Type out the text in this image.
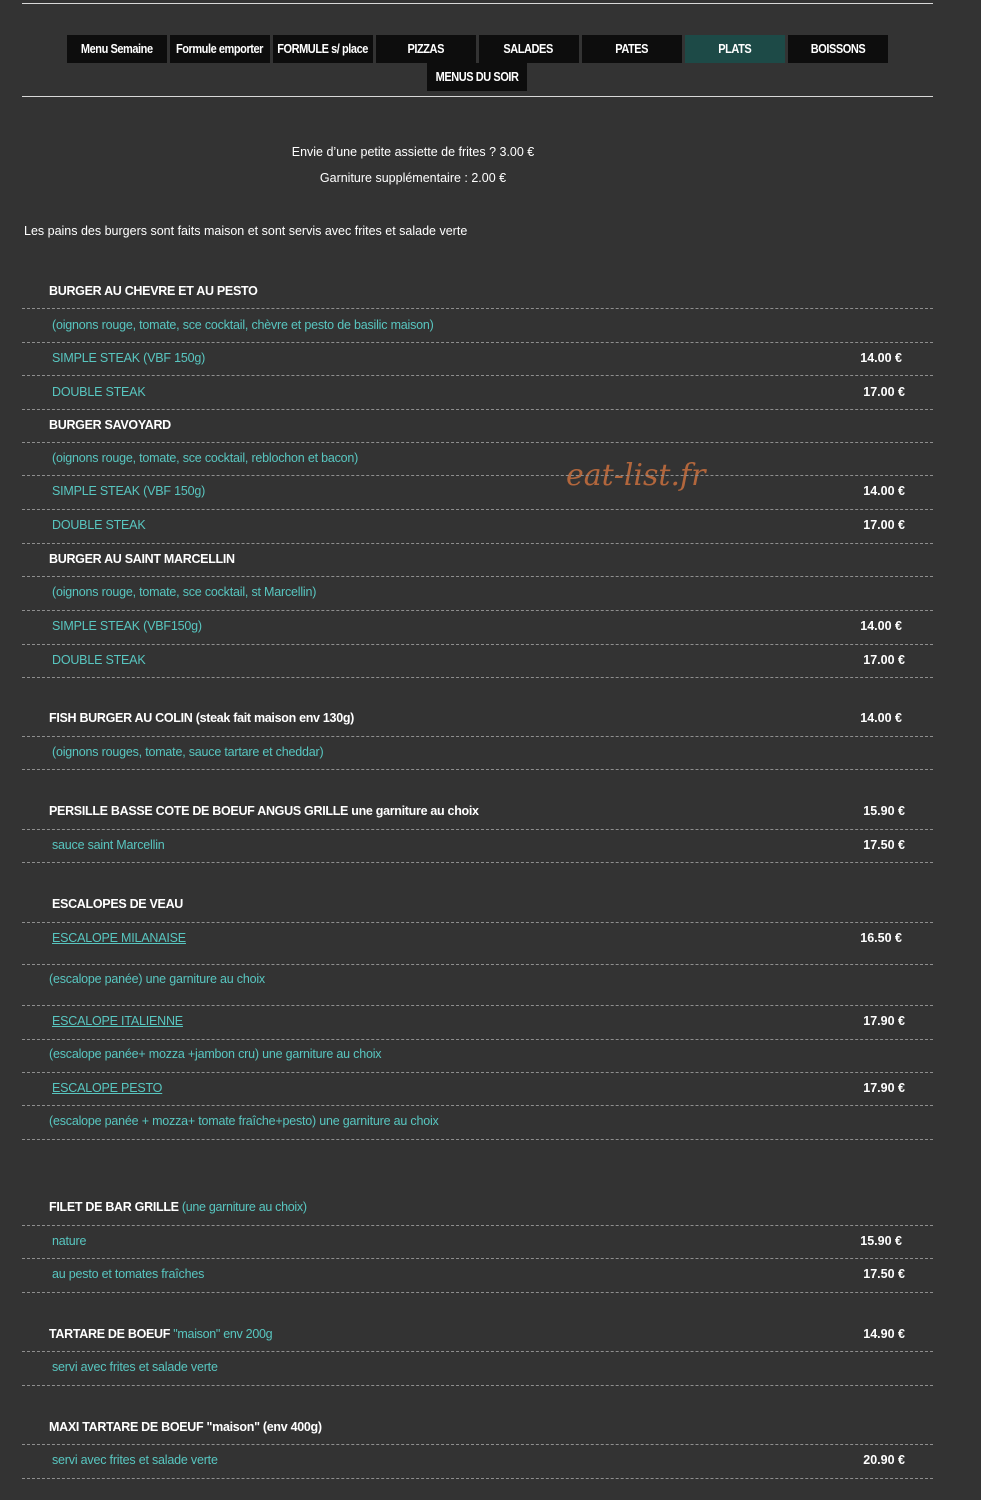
Menu Semaine Formule emporter FORMULE s/ place	PIZZAS	SALADES	PATES	PLATS	BOISSONS
MENUS DU SOIR
Envie d’une petite assiette de frites ? 3.00 €
Garniture supplémentaire : 2.00 €
Les pains des burgers sont faits maison et sont servis avec frites et salade verte
eat-list.fr
BURGER AU CHEVRE ET AU PESTO
(oignons rouge, tomate, sce cocktail, chèvre et pesto de basilic maison)
SIMPLE STEAK (VBF 150g)	14.00 €
DOUBLE STEAK	17.00 €
BURGER SAVOYARD
(oignons rouge, tomate, sce cocktail, reblochon et bacon)
SIMPLE STEAK (VBF 150g)	14.00 €
DOUBLE STEAK	17.00 €
BURGER AU SAINT MARCELLIN
(oignons rouge, tomate, sce cocktail, st Marcellin)
SIMPLE STEAK (VBF150g)	14.00 €
DOUBLE STEAK	17.00 €
FISH BURGER AU COLIN (steak fait maison env 130g)	14.00 €
(oignons rouges, tomate, sauce tartare et cheddar)
PERSILLE BASSE COTE DE BOEUF ANGUS GRILLE une garniture au choix	15.90 €
sauce saint Marcellin	17.50 €
ESCALOPES DE VEAU
ESCALOPE MILANAISE	16.50 €
(escalope panée) une garniture au choix
ESCALOPE ITALIENNE	17.90 €
(escalope panée+ mozza +jambon cru) une garniture au choix
ESCALOPE PESTO	17.90 €
(escalope panée + mozza+ tomate fraîche+pesto) une garniture au choix
FILET DE BAR GRILLE (une garniture au choix)
nature	15.90 €
au pesto et tomates fraîches	17.50 €
TARTARE DE BOEUF "maison" env 200g	14.90 €
servi avec frites et salade verte
MAXI TARTARE DE BOEUF "maison" (env 400g)
servi avec frites et salade verte	20.90 €
